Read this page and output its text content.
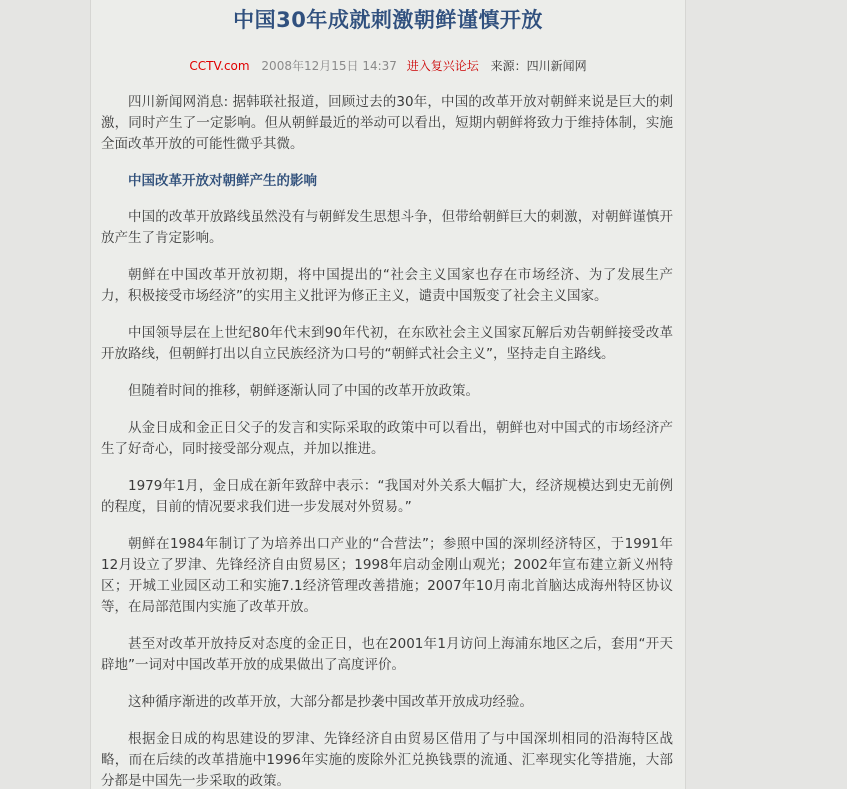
中国30年成就刺激朝鲜谨慎开放
CCTV.com 2008年12月15日 14:37 进入复兴论坛 来源：四川新闻网

四川新闻网消息: 据韩联社报道，回顾过去的30年，中国的改革开放对朝鲜来说是巨大的刺激，同时产生了一定影响。但从朝鲜最近的举动可以看出，短期内朝鲜将致力于维持体制，实施全面改革开放的可能性微乎其微。

中国改革开放对朝鲜产生的影响

中国的改革开放路线虽然没有与朝鲜发生思想斗争，但带给朝鲜巨大的刺激，对朝鲜谨慎开放产生了肯定影响。

朝鲜在中国改革开放初期，将中国提出的“社会主义国家也存在市场经济、为了发展生产力，积极接受市场经济”的实用主义批评为修正主义，谴责中国叛变了社会主义国家。

中国领导层在上世纪80年代末到90年代初，在东欧社会主义国家瓦解后劝告朝鲜接受改革开放路线，但朝鲜打出以自立民族经济为口号的“朝鲜式社会主义”，坚持走自主路线。

但随着时间的推移，朝鲜逐渐认同了中国的改革开放政策。

从金日成和金正日父子的发言和实际采取的政策中可以看出，朝鲜也对中国式的市场经济产生了好奇心，同时接受部分观点，并加以推进。

1979年1月，金日成在新年致辞中表示：“我国对外关系大幅扩大，经济规模达到史无前例的程度，目前的情况要求我们进一步发展对外贸易。”

朝鲜在1984年制订了为培养出口产业的“合营法”；参照中国的深圳经济特区，于1991年12月设立了罗津、先锋经济自由贸易区；1998年启动金刚山观光；2002年宣布建立新义州特区；开城工业园区动工和实施7.1经济管理改善措施；2007年10月南北首脑达成海州特区协议等，在局部范围内实施了改革开放。

甚至对改革开放持反对态度的金正日，也在2001年1月访问上海浦东地区之后，套用“开天辟地”一词对中国改革开放的成果做出了高度评价。

这种循序渐进的改革开放，大部分都是抄袭中国改革开放成功经验。

根据金日成的构思建设的罗津、先锋经济自由贸易区借用了与中国深圳相同的沿海特区战略，而在后续的改革措施中1996年实施的废除外汇兑换钱票的流通、汇率现实化等措施，大部分都是中国先一步采取的政策。
